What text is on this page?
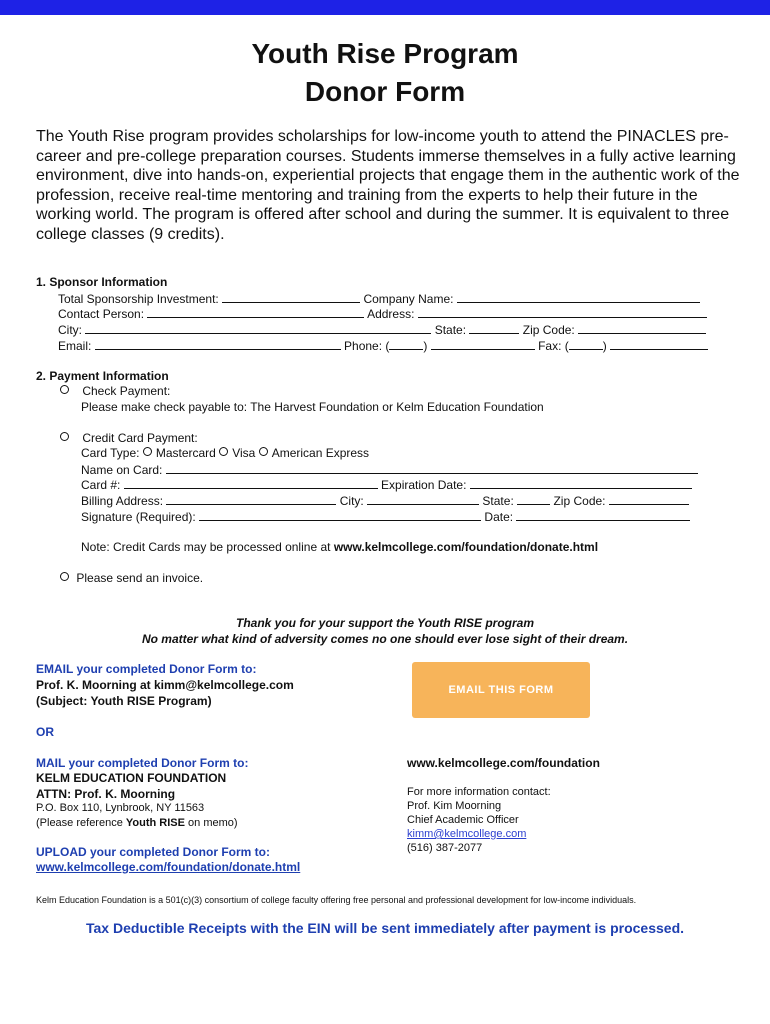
Youth Rise Program
Donor Form
The Youth Rise program provides scholarships for low-income youth to attend the PINACLES pre-career and pre-college preparation courses. Students immerse themselves in a fully active learning environment, dive into hands-on, experiential projects that engage them in the authentic work of the profession, receive real-time mentoring and training from the experts to help their future in the working world. The program is offered after school and during the summer. It is equivalent to three college classes (9 credits).
1. Sponsor Information
Total Sponsorship Investment:	Company Name:
Contact Person:	Address:
City:	State:	Zip Code:
Email:	Phone: (	)	Fax: (	)
2. Payment Information
Check Payment:
Please make check payable to: The Harvest Foundation or Kelm Education Foundation
Credit Card Payment:
Card Type: Mastercard Visa American Express
Name on Card:
Card #:	Expiration Date:
Billing Address:	City:	State:	Zip Code:
Signature (Required):	Date:
Note: Credit Cards may be processed online at www.kelmcollege.com/foundation/donate.html
Please send an invoice.
Thank you for your support the Youth RISE program
No matter what kind of adversity comes no one should ever lose sight of their dream.
EMAIL your completed Donor Form to:
Prof. K. Moorning at kimm@kelmcollege.com
(Subject: Youth RISE Program)
EMAIL THIS FORM
OR
MAIL your completed Donor Form to:
KELM EDUCATION FOUNDATION
ATTN: Prof. K. Moorning
P.O. Box 110, Lynbrook, NY 11563
(Please reference Youth RISE on memo)
UPLOAD your completed Donor Form to:
www.kelmcollege.com/foundation/donate.html
www.kelmcollege.com/foundation
For more information contact:
Prof. Kim Moorning
Chief Academic Officer
kimm@kelmcollege.com
(516) 387-2077
Kelm Education Foundation is a 501(c)(3) consortium of college faculty offering free personal and professional development for low-income individuals.
Tax Deductible Receipts with the EIN will be sent immediately after payment is processed.
